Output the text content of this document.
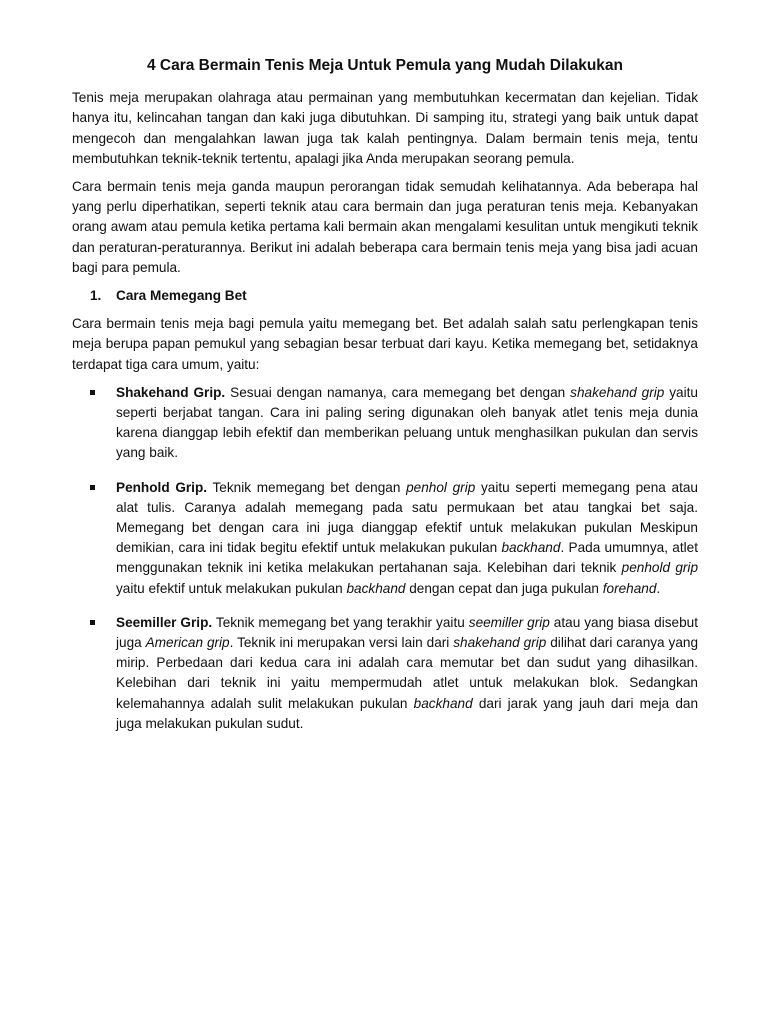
4 Cara Bermain Tenis Meja Untuk Pemula yang Mudah Dilakukan

Tenis meja merupakan olahraga atau permainan yang membutuhkan kecermatan dan kejelian. Tidak hanya itu, kelincahan tangan dan kaki juga dibutuhkan. Di samping itu, strategi yang baik untuk dapat mengecoh dan mengalahkan lawan juga tak kalah pentingnya. Dalam bermain tenis meja, tentu membutuhkan teknik-teknik tertentu, apalagi jika Anda merupakan seorang pemula.

Cara bermain tenis meja ganda maupun perorangan tidak semudah kelihatannya. Ada beberapa hal yang perlu diperhatikan, seperti teknik atau cara bermain dan juga peraturan tenis meja. Kebanyakan orang awam atau pemula ketika pertama kali bermain akan mengalami kesulitan untuk mengikuti teknik dan peraturan-peraturannya. Berikut ini adalah beberapa cara bermain tenis meja yang bisa jadi acuan bagi para pemula.

1. Cara Memegang Bet

Cara bermain tenis meja bagi pemula yaitu memegang bet. Bet adalah salah satu perlengkapan tenis meja berupa papan pemukul yang sebagian besar terbuat dari kayu. Ketika memegang bet, setidaknya terdapat tiga cara umum, yaitu:

Shakehand Grip. Sesuai dengan namanya, cara memegang bet dengan shakehand grip yaitu seperti berjabat tangan. Cara ini paling sering digunakan oleh banyak atlet tenis meja dunia karena dianggap lebih efektif dan memberikan peluang untuk menghasilkan pukulan dan servis yang baik.
Penhold Grip. Teknik memegang bet dengan penhol grip yaitu seperti memegang pena atau alat tulis. Caranya adalah memegang pada satu permukaan bet atau tangkai bet saja. Memegang bet dengan cara ini juga dianggap efektif untuk melakukan pukulan Meskipun demikian, cara ini tidak begitu efektif untuk melakukan pukulan backhand. Pada umumnya, atlet menggunakan teknik ini ketika melakukan pertahanan saja. Kelebihan dari teknik penhold grip yaitu efektif untuk melakukan pukulan backhand dengan cepat dan juga pukulan forehand.
Seemiller Grip. Teknik memegang bet yang terakhir yaitu seemiller grip atau yang biasa disebut juga American grip. Teknik ini merupakan versi lain dari shakehand grip dilihat dari caranya yang mirip. Perbedaan dari kedua cara ini adalah cara memutar bet dan sudut yang dihasilkan. Kelebihan dari teknik ini yaitu mempermudah atlet untuk melakukan blok. Sedangkan kelemahannya adalah sulit melakukan pukulan backhand dari jarak yang jauh dari meja dan juga melakukan pukulan sudut.
